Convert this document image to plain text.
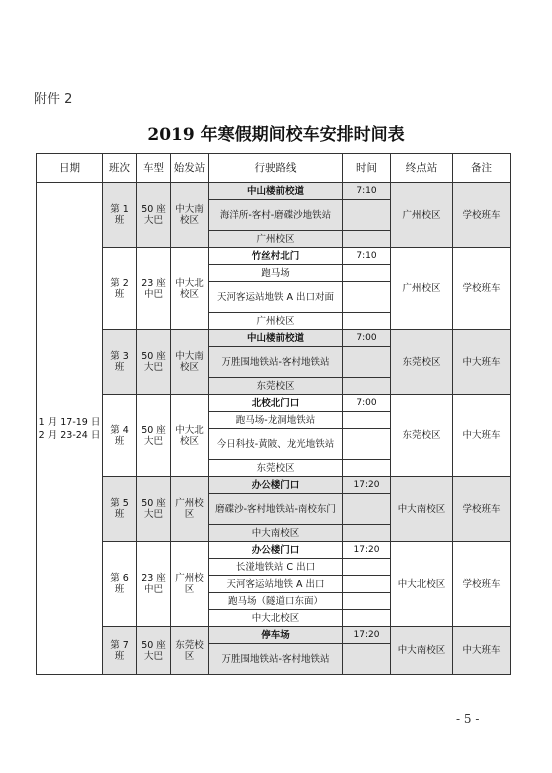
附件 2
2019 年寒假期间校车安排时间表
日期	班次	车型	始发站	行驶路线	时间	终点站	备注

1 月 17-19 日
2 月 23-24 日	第 1 班	50 座大巴	中大南校区	中山楼前校道	7:10	广州校区	学校班车
				海洋所-客村-磨碟沙地铁站			
				广州校区			
	第 2 班	23 座中巴	中大北校区	竹丝村北门	7:10	广州校区	学校班车
				跑马场			
				天河客运站地铁 A 出口对面			
				广州校区			
	第 3 班	50 座大巴	中大南校区	中山楼前校道	7:00	东莞校区	中大班车
				万胜围地铁站-客村地铁站			
				东莞校区			
	第 4 班	50 座大巴	中大北校区	北校北门口	7:00	东莞校区	中大班车
				跑马场-龙洞地铁站			
				今日科技-黄陂、龙光地铁站			
				东莞校区			
	第 5 班	50 座大巴	广州校区	办公楼门口	17:20	中大南校区	学校班车
				磨碟沙-客村地铁站-南校东门			
				中大南校区			
	第 6 班	23 座中巴	广州校区	办公楼门口	17:20	中大北校区	学校班车
				长湴地铁站 C 出口			
				天河客运站地铁 A 出口			
				跑马场（隧道口东面）			
				中大北校区			
	第 7 班	50 座大巴	东莞校区	停车场	17:20	中大南校区	中大班车
				万胜围地铁站-客村地铁站			
- 5 -
